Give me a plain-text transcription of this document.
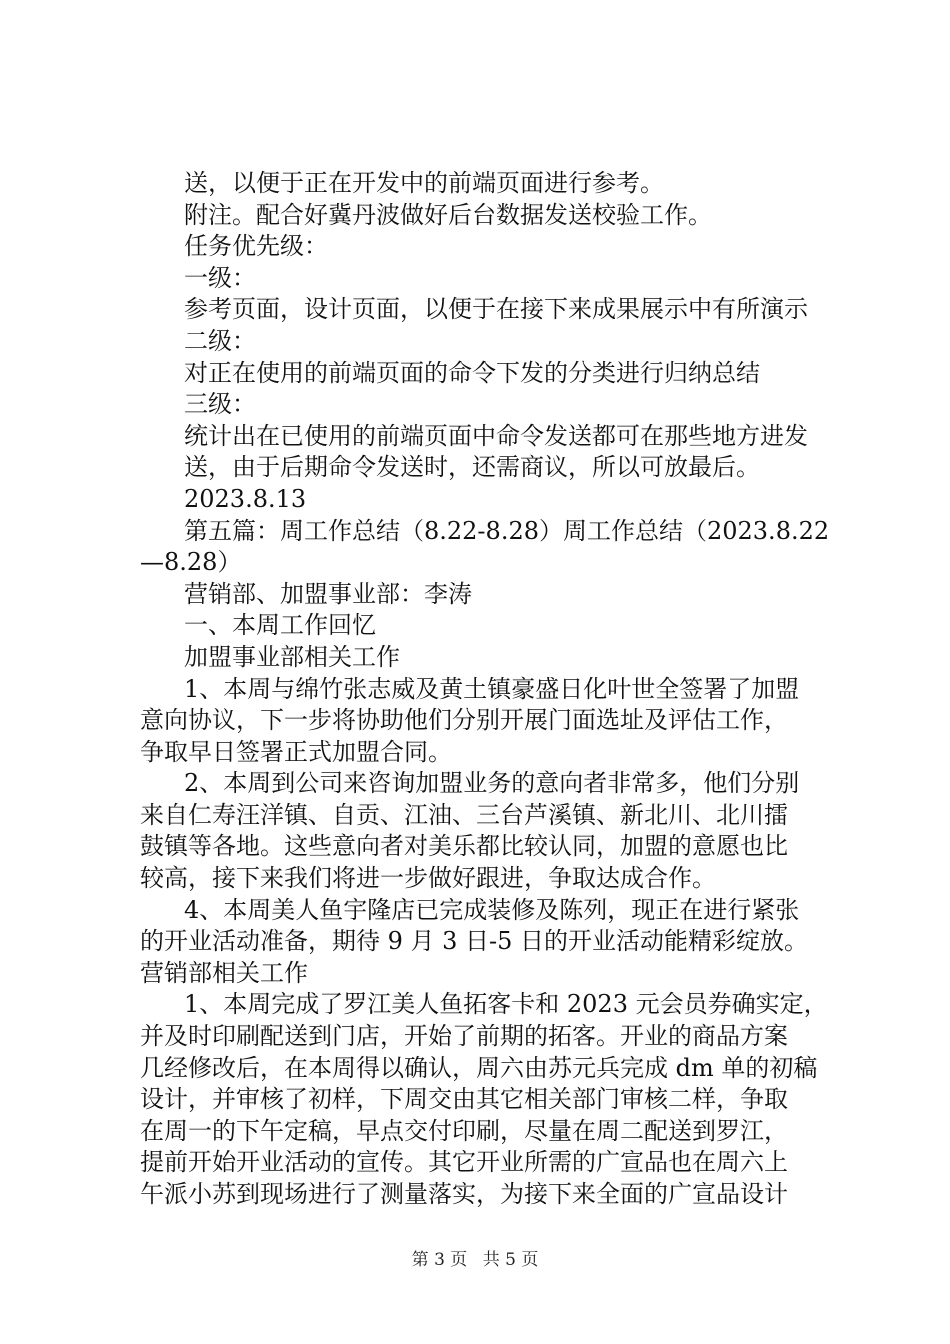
送，以便于正在开发中的前端页面进行参考。
附注。配合好冀丹波做好后台数据发送校验工作。
任务优先级：
一级：
参考页面，设计页面，以便于在接下来成果展示中有所演示
二级：
对正在使用的前端页面的命令下发的分类进行归纳总结
三级：
统计出在已使用的前端页面中命令发送都可在那些地方进发
送，由于后期命令发送时，还需商议，所以可放最后。
2023.8.13
第五篇：周工作总结（8.22-8.28）周工作总结（2023.8.22
—8.28）
营销部、加盟事业部：李涛
一、本周工作回忆
加盟事业部相关工作
1、本周与绵竹张志威及黄土镇豪盛日化叶世全签署了加盟
意向协议，下一步将协助他们分别开展门面选址及评估工作，
争取早日签署正式加盟合同。
2、本周到公司来咨询加盟业务的意向者非常多，他们分别
来自仁寿汪洋镇、自贡、江油、三台芦溪镇、新北川、北川擂
鼓镇等各地。这些意向者对美乐都比较认同，加盟的意愿也比
较高，接下来我们将进一步做好跟进，争取达成合作。
4、本周美人鱼宇隆店已完成装修及陈列，现正在进行紧张
的开业活动准备，期待 9 月 3 日-5 日的开业活动能精彩绽放。
营销部相关工作
1、本周完成了罗江美人鱼拓客卡和 2023 元会员券确实定，
并及时印刷配送到门店，开始了前期的拓客。开业的商品方案
几经修改后，在本周得以确认，周六由苏元兵完成 dm 单的初稿
设计，并审核了初样，下周交由其它相关部门审核二样，争取
在周一的下午定稿，早点交付印刷，尽量在周二配送到罗江，
提前开始开业活动的宣传。其它开业所需的广宣品也在周六上
午派小苏到现场进行了测量落实，为接下来全面的广宣品设计
第 3 页 共 5 页
